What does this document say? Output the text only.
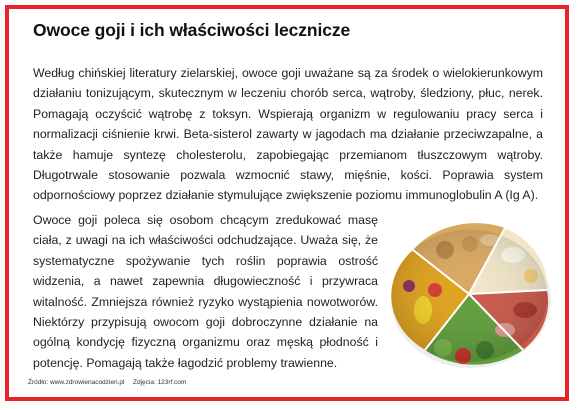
Owoce goji i ich właściwości lecznicze
Według chińskiej literatury zielarskiej, owoce goji uważane są za środek o wielokierunkowym działaniu tonizującym, skutecznym w leczeniu chorób serca, wątroby, śledziony, płuc, nerek. Pomagają oczyścić wątrobę z toksyn. Wspierają organizm w regulowaniu pracy serca i normalizacji ciśnienie krwi. Beta-sisterol zawarty w jagodach ma działanie przeciwzapalne, a także hamuje syntezę cholesterolu, zapobiegając przemianom tłuszczowym wątroby. Długotrwale stosowanie pozwala wzmocnić stawy, mięśnie, kości. Poprawia system odpornościowy poprzez działanie stymulujące zwiększenie poziomu immunoglobulin A (Ig A).
Owoce goji poleca się osobom chcącym zredukować masę ciała, z uwagi na ich właściwości odchudzające. Uważa się, że systematyczne spożywanie tych roślin poprawia ostrość widzenia, a nawet zapewnia długowieczność i przywraca witalność. Zmniejsza również ryzyko wystąpienia nowotworów. Niektórzy przypisują owocom goji dobroczynne działanie na ogólną kondycję fizyczną organizmu oraz męską płodność i potencję. Pomagają także łagodzić problemy trawienne.
Źródło: www.zdrowienacodzien.pl Zdjęcia: 123rf.com
